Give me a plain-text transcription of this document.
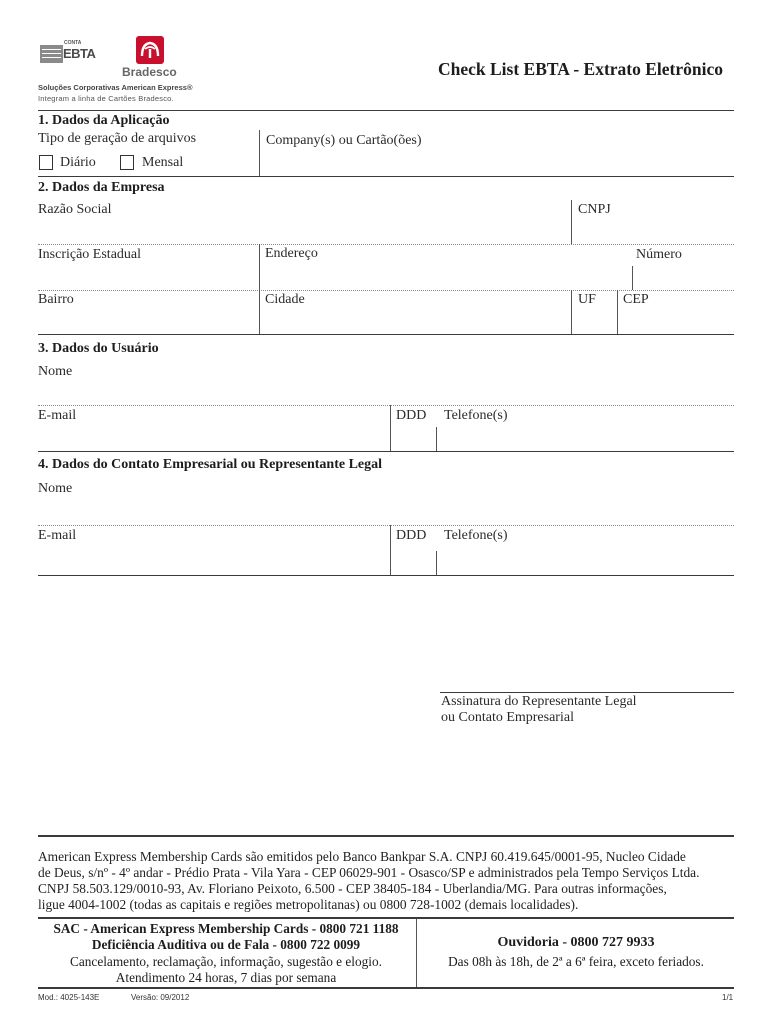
CONTA
EBTA
Bradesco
Soluções Corporativas American Express®
Integram a linha de Cartões Bradesco.
Check List EBTA - Extrato Eletrônico
1. Dados da Aplicação
Tipo de geração de arquivos	Company(s) ou Cartão(ões)
Diário	Mensal
2. Dados da Empresa
Razão Social	CNPJ
Inscrição Estadual	Endereço	Número
Bairro	Cidade	UF CEP
3. Dados do Usuário
Nome
E-mail	DDD Telefone(s)
4. Dados do Contato Empresarial ou Representante Legal
Nome
E-mail	DDD Telefone(s)
Assinatura do Representante Legal
ou Contato Empresarial
American Express Membership Cards são emitidos pelo Banco Bankpar S.A. CNPJ 60.419.645/0001-95, Nucleo Cidade
de Deus, s/nº - 4º andar - Prédio Prata - Vila Yara - CEP 06029-901 - Osasco/SP e administrados pela Tempo Serviços Ltda.
CNPJ 58.503.129/0010-93, Av. Floriano Peixoto, 6.500 - CEP 38405-184 - Uberlandia/MG. Para outras informações,
ligue 4004-1002 (todas as capitais e regiões metropolitanas) ou 0800 728-1002 (demais localidades).
SAC - American Express Membership Cards - 0800 721 1188
Deficiência Auditiva ou de Fala - 0800 722 0099
Cancelamento, reclamação, informação, sugestão e elogio.
Atendimento 24 horas, 7 dias por semana
Ouvidoria - 0800 727 9933
Das 08h às 18h, de 2ª a 6ª feira, exceto feriados.
Mod.: 4025-143E	Versão: 09/2012	1/1
